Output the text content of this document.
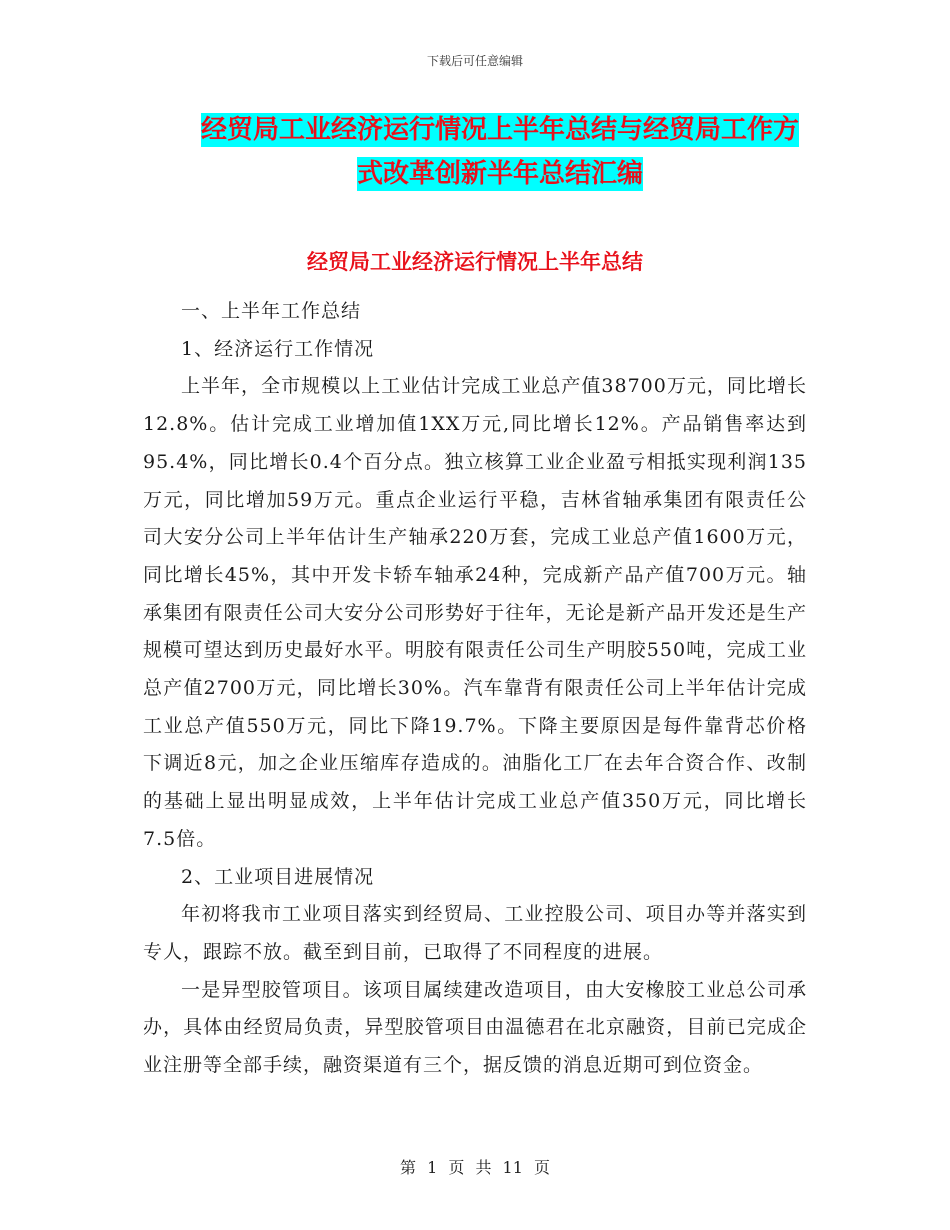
下载后可任意编辑
经贸局工业经济运行情况上半年总结与经贸局工作方
式改革创新半年总结汇编
经贸局工业经济运行情况上半年总结

一、上半年工作总结

1、经济运行工作情况

上半年，全市规模以上工业估计完成工业总产值38700万元，同比增长12.8%。估计完成工业增加值1XX万元,同比增长12%。产品销售率达到95.4%，同比增长0.4个百分点。独立核算工业企业盈亏相抵实现利润135万元，同比增加59万元。重点企业运行平稳，吉林省轴承集团有限责任公司大安分公司上半年估计生产轴承220万套，完成工业总产值1600万元，同比增长45%，其中开发卡轿车轴承24种，完成新产品产值700万元。轴承集团有限责任公司大安分公司形势好于往年，无论是新产品开发还是生产规模可望达到历史最好水平。明胶有限责任公司生产明胶550吨，完成工业总产值2700万元，同比增长30%。汽车靠背有限责任公司上半年估计完成工业总产值550万元，同比下降19.7%。下降主要原因是每件靠背芯价格下调近8元，加之企业压缩库存造成的。油脂化工厂在去年合资合作、改制的基础上显出明显成效，上半年估计完成工业总产值350万元，同比增长7.5倍。

2、工业项目进展情况

年初将我市工业项目落实到经贸局、工业控股公司、项目办等并落实到专人，跟踪不放。截至到目前，已取得了不同程度的进展。

一是异型胶管项目。该项目属续建改造项目，由大安橡胶工业总公司承办，具体由经贸局负责，异型胶管项目由温德君在北京融资，目前已完成企业注册等全部手续，融资渠道有三个，据反馈的消息近期可到位资金。

第 1 页 共 11 页
